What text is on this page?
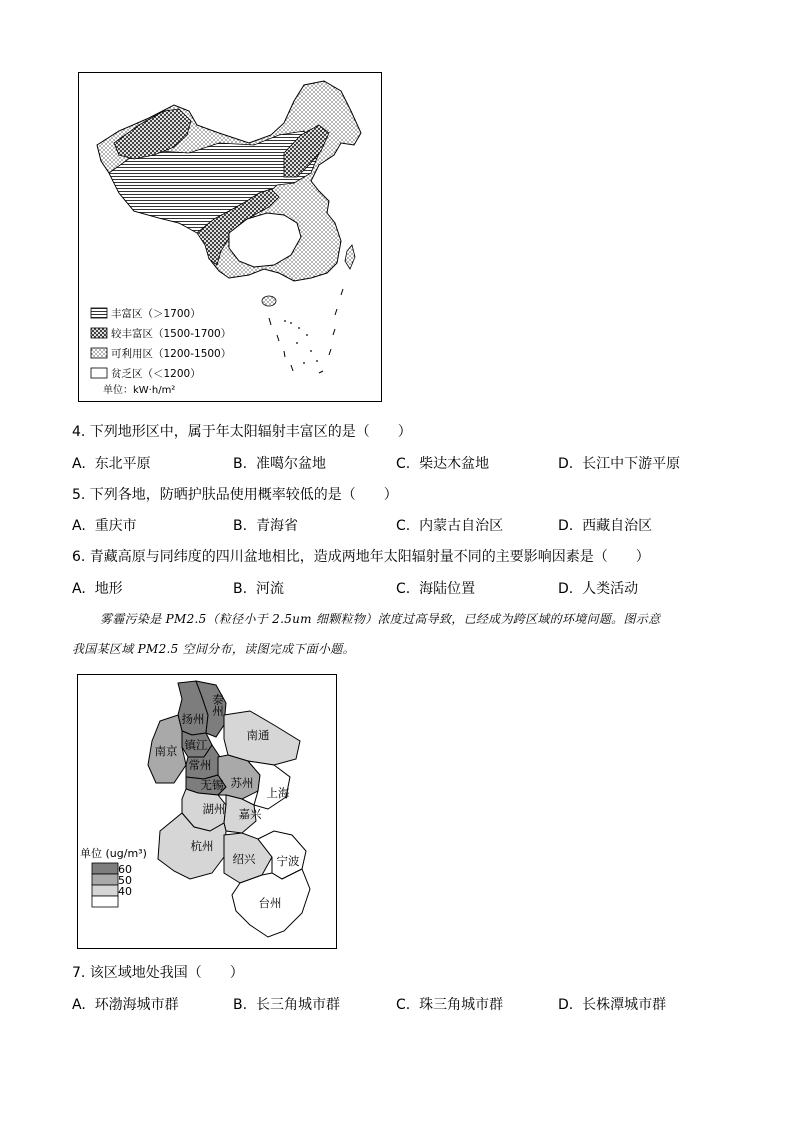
丰富区（＞1700）
较丰富区（1500-1700）
可利用区（1200-1500）
贫乏区（＜1200）
单位：kW·h/m²
4. 下列地形区中，属于年太阳辐射丰富区的是（　　）
A. 东北平原	B. 准噶尔盆地	C. 柴达木盆地	D. 长江中下游平原
5. 下列各地，防晒护肤品使用概率较低的是（　　）
A. 重庆市	B. 青海省	C. 内蒙古自治区	D. 西藏自治区
6. 青藏高原与同纬度的四川盆地相比，造成两地年太阳辐射量不同的主要影响因素是（　　）
A. 地形	B. 河流	C. 海陆位置	D. 人类活动
雾霾污染是 PM2.5（粒径小于 2.5um 细颗粒物）浓度过高导致，已经成为跨区域的环境问题。图示意
我国某区域 PM2.5 空间分布，读图完成下面小题。
扬州
泰州
南通
南京 镇江
常州
无锡 苏州
上海
湖州 嘉兴
杭州
绍兴 宁波
台州
单位 (ug/m³)
60
50
40
7. 该区域地处我国（　　）
A. 环渤海城市群	B. 长三角城市群	C. 珠三角城市群	D. 长株潭城市群
